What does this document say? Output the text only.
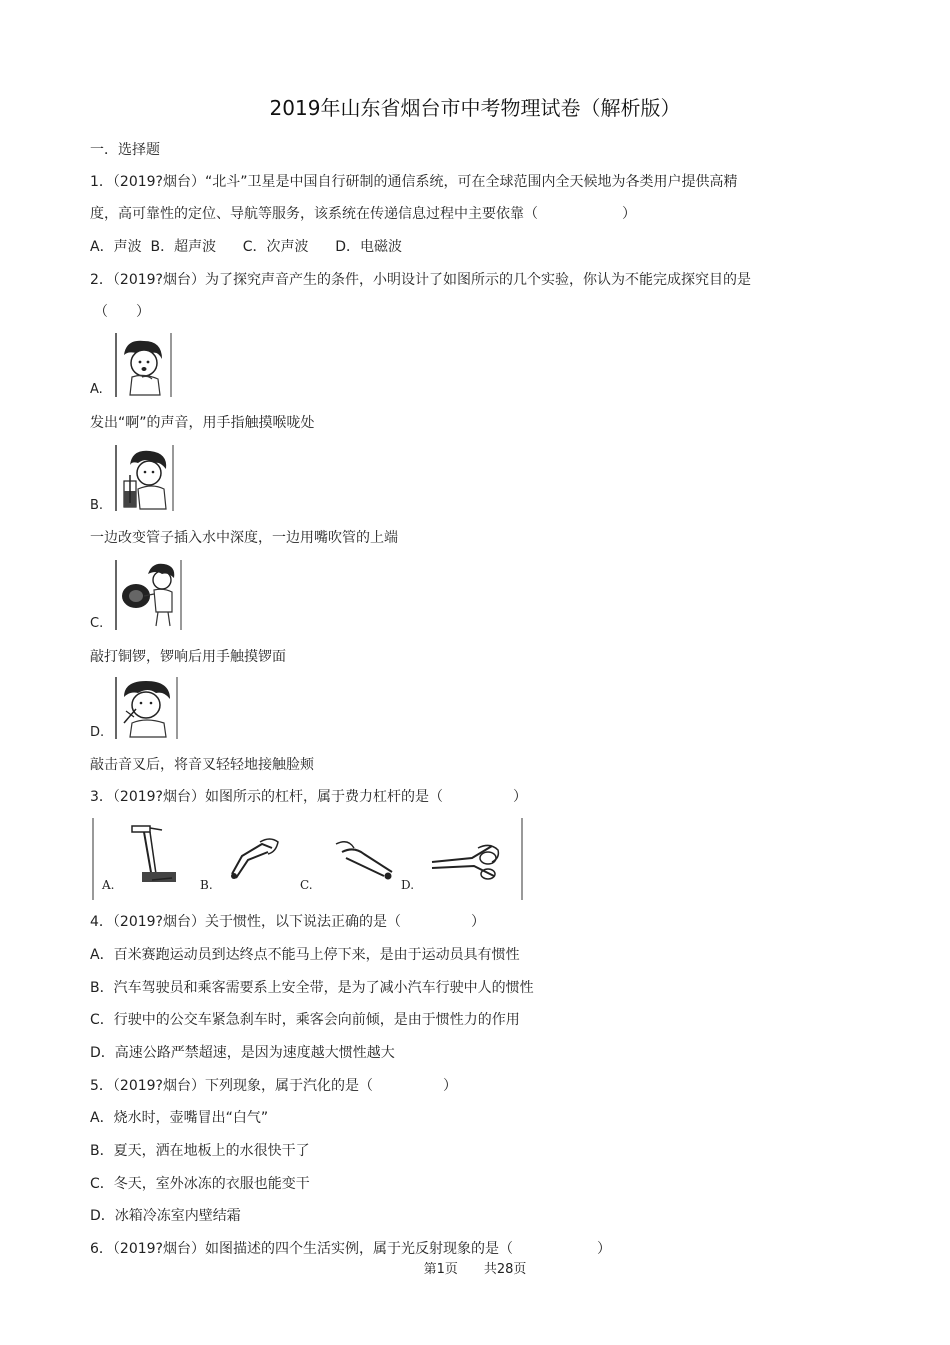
2019年山东省烟台市中考物理试卷（解析版）
一．选择题
1．（2019?烟台）“北斗”卫星是中国自行研制的通信系统，可在全球范围内全天候地为各类用户提供高精
度，高可靠性的定位、导航等服务，该系统在传递信息过程中主要依靠（　　　　　　）
A．声波  B．超声波      C．次声波      D．电磁波
2．（2019?烟台）为了探究声音产生的条件，小明设计了如图所示的几个实验，你认为不能完成探究目的是
（　　）
A.
发出“啊”的声音，用手指触摸喉咙处
B.
一边改变管子插入水中深度，一边用嘴吹管的上端
C.
敲打铜锣，锣响后用手触摸锣面
D.
敲击音叉后，将音叉轻轻地接触脸颊
3．（2019?烟台）如图所示的杠杆，属于费力杠杆的是（　　　　　）
A.	B.	C.	D.
4．（2019?烟台）关于惯性，以下说法正确的是（　　　　　）
A．百米赛跑运动员到达终点不能马上停下来，是由于运动员具有惯性
B．汽车驾驶员和乘客需要系上安全带，是为了减小汽车行驶中人的惯性
C．行驶中的公交车紧急刹车时，乘客会向前倾，是由于惯性力的作用
D．高速公路严禁超速，是因为速度越大惯性越大
5．（2019?烟台）下列现象，属于汽化的是（　　　　　）
A．烧水时，壶嘴冒出“白气”
B．夏天，洒在地板上的水很快干了
C．冬天，室外冰冻的衣服也能变干
D．冰箱冷冻室内壁结霜
6．（2019?烟台）如图描述的四个生活实例，属于光反射现象的是（　　　　　　）
第1页 共28页
